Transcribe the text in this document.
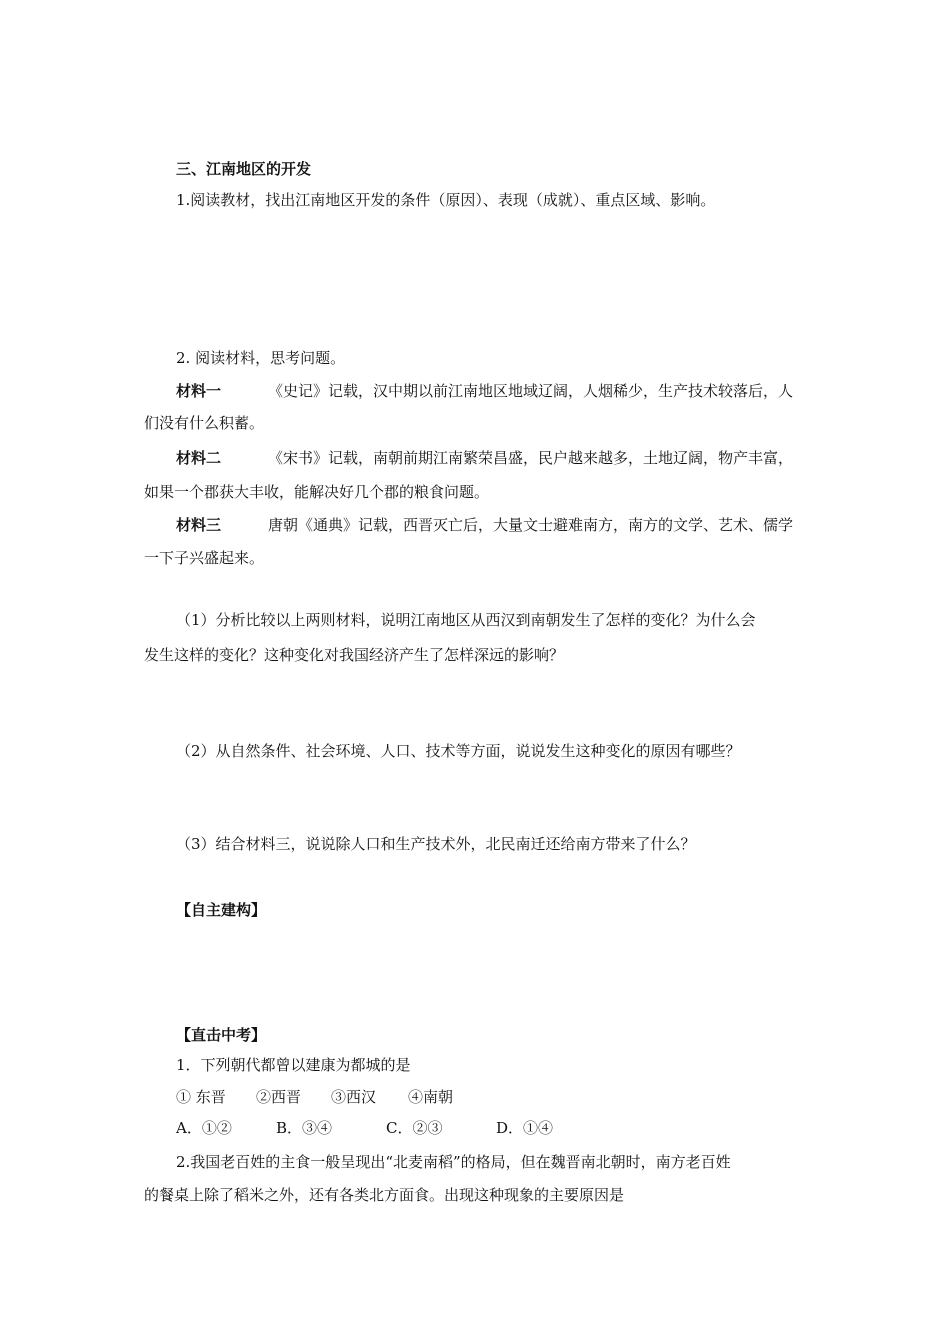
三、江南地区的开发
1.阅读教材，找出江南地区开发的条件（原因）、表现（成就）、重点区域、影响。
2. 阅读材料，思考问题。
材料一	《史记》记载，汉中期以前江南地区地域辽阔，人烟稀少，生产技术较落后，人
们没有什么积蓄。
材料二	《宋书》记载，南朝前期江南繁荣昌盛，民户越来越多，土地辽阔，物产丰富，
如果一个郡获大丰收，能解决好几个郡的粮食问题。
材料三	唐朝《通典》记载，西晋灭亡后，大量文士避难南方，南方的文学、艺术、儒学
一下子兴盛起来。
（1）分析比较以上两则材料，说明江南地区从西汉到南朝发生了怎样的变化？为什么会
发生这样的变化？这种变化对我国经济产生了怎样深远的影响？
（2）从自然条件、社会环境、人口、技术等方面，说说发生这种变化的原因有哪些？
（3）结合材料三，说说除人口和生产技术外，北民南迁还给南方带来了什么？
【自主建构】
【直击中考】
1．下列朝代都曾以建康为都城的是
① 东晋 ②西晋 ③西汉 ④南朝
A．①②	B．③④	C．②③	D．①④
2.我国老百姓的主食一般呈现出“北麦南稻”的格局，但在魏晋南北朝时，南方老百姓
的餐桌上除了稻米之外，还有各类北方面食。出现这种现象的主要原因是
